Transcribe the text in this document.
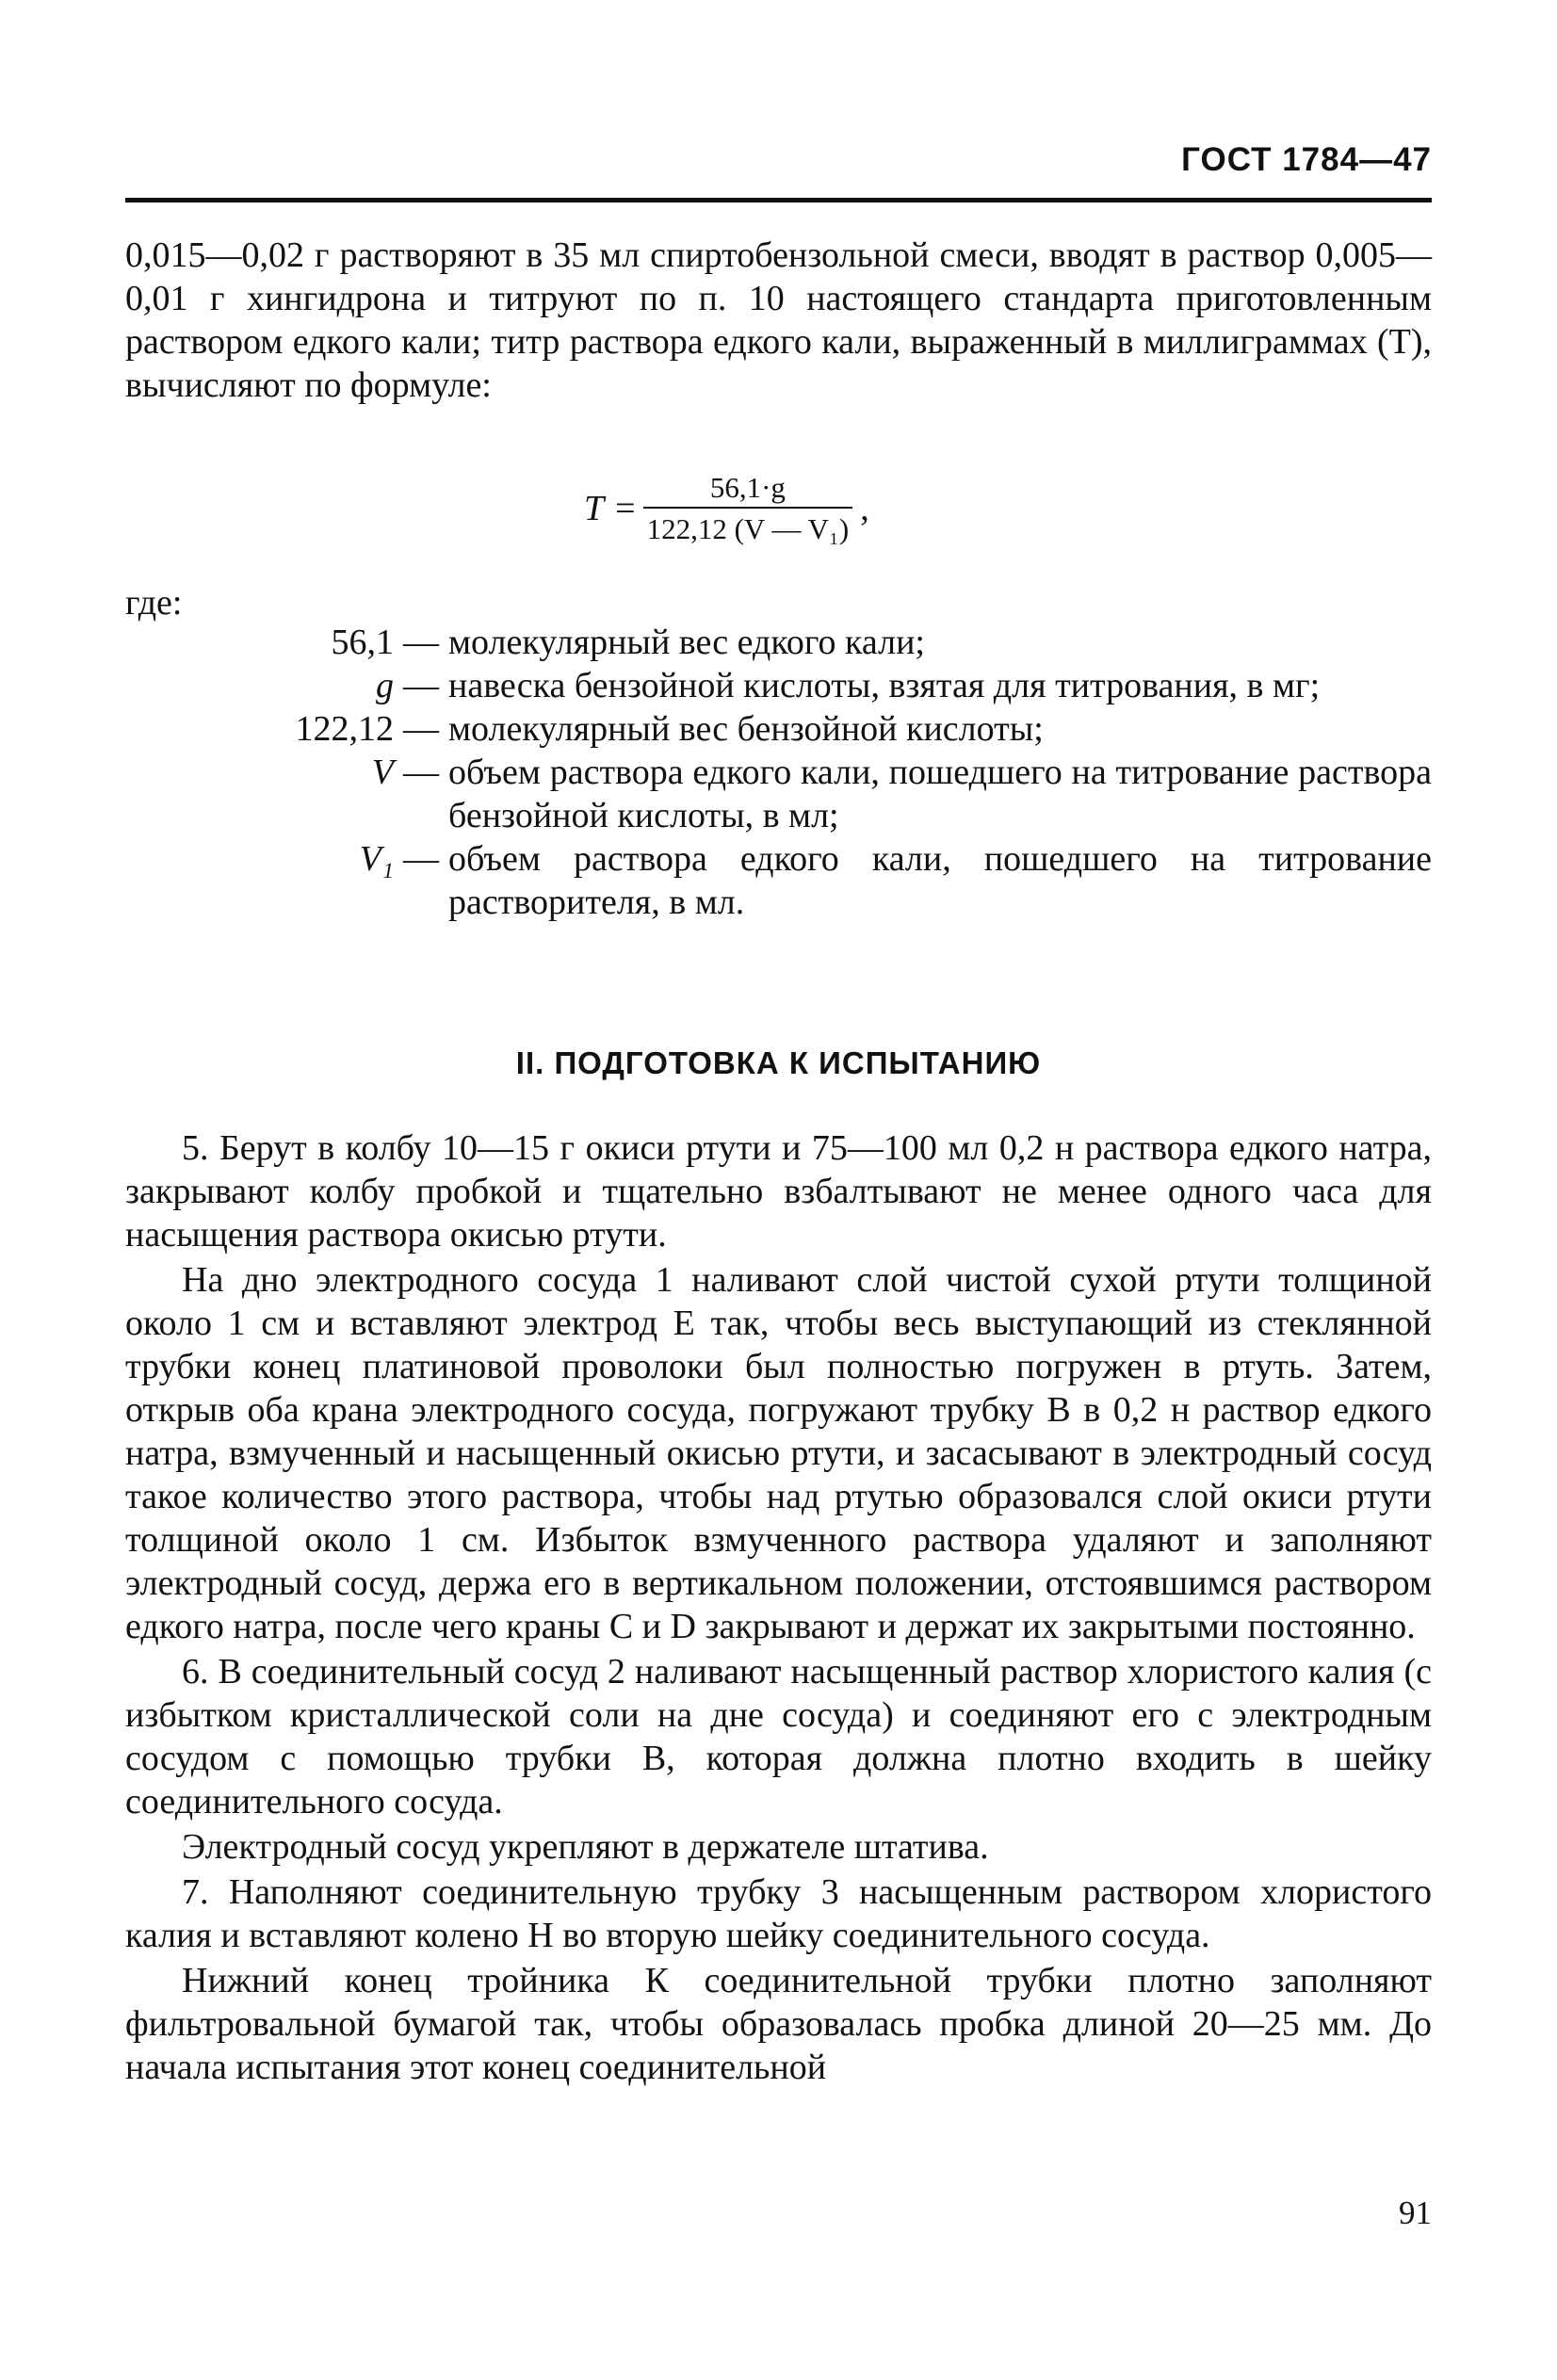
ГОСТ 1784—47

0,015—0,02 г растворяют в 35 мл спиртобензольной смеси, вводят в раствор 0,005—0,01 г хингидрона и титруют по п. 10 настоящего стандарта приготовленным раствором едкого кали; титр раствора едкого кали, выраженный в миллиграммах (Т), вычисляют по формуле:

$T = \frac{56,1\cdot g}{\text{122,12 (V — V₁)}}$ ,
где:
56,1 — молекулярный вес едкого кали;
g — навеска бензойной кислоты, взятая для титрования, в мг;
122,12 — молекулярный вес бензойной кислоты;
V — объем раствора едкого кали, пошедшего на титрование раствора бензойной кислоты, в мл;
V₁ — объем раствора едкого кали, пошедшего на титрование растворителя, в мл.
II. ПОДГОТОВКА К ИСПЫТАНИЮ

5. Берут в колбу 10—15 г окиси ртути и 75—100 мл 0,2 н раствора едкого натра, закрывают колбу пробкой и тщательно взбалтывают не менее одного часа для насыщения раствора окисью ртути.

На дно электродного сосуда 1 наливают слой чистой сухой ртути толщиной около 1 см и вставляют электрод Е так, чтобы весь выступающий из стеклянной трубки конец платиновой проволоки был полностью погружен в ртуть. Затем, открыв оба крана электродного сосуда, погружают трубку В в 0,2 н раствор едкого натра, взмученный и насыщенный окисью ртути, и засасывают в электродный сосуд такое количество этого раствора, чтобы над ртутью образовался слой окиси ртути толщиной около 1 см. Избыток взмученного раствора удаляют и заполняют электродный сосуд, держа его в вертикальном положении, отстоявшимся раствором едкого натра, после чего краны С и D закрывают и держат их закрытыми постоянно.

6. В соединительный сосуд 2 наливают насыщенный раствор хлористого калия (с избытком кристаллической соли на дне сосуда) и соединяют его с электродным сосудом с помощью трубки В, которая должна плотно входить в шейку соединительного сосуда.

Электродный сосуд укрепляют в держателе штатива.

7. Наполняют соединительную трубку 3 насыщенным раствором хлористого калия и вставляют колено Н во вторую шейку соединительного сосуда.

Нижний конец тройника К соединительной трубки плотно заполняют фильтровальной бумагой так, чтобы образовалась пробка длиной 20—25 мм. До начала испытания этот конец соединительной

91
